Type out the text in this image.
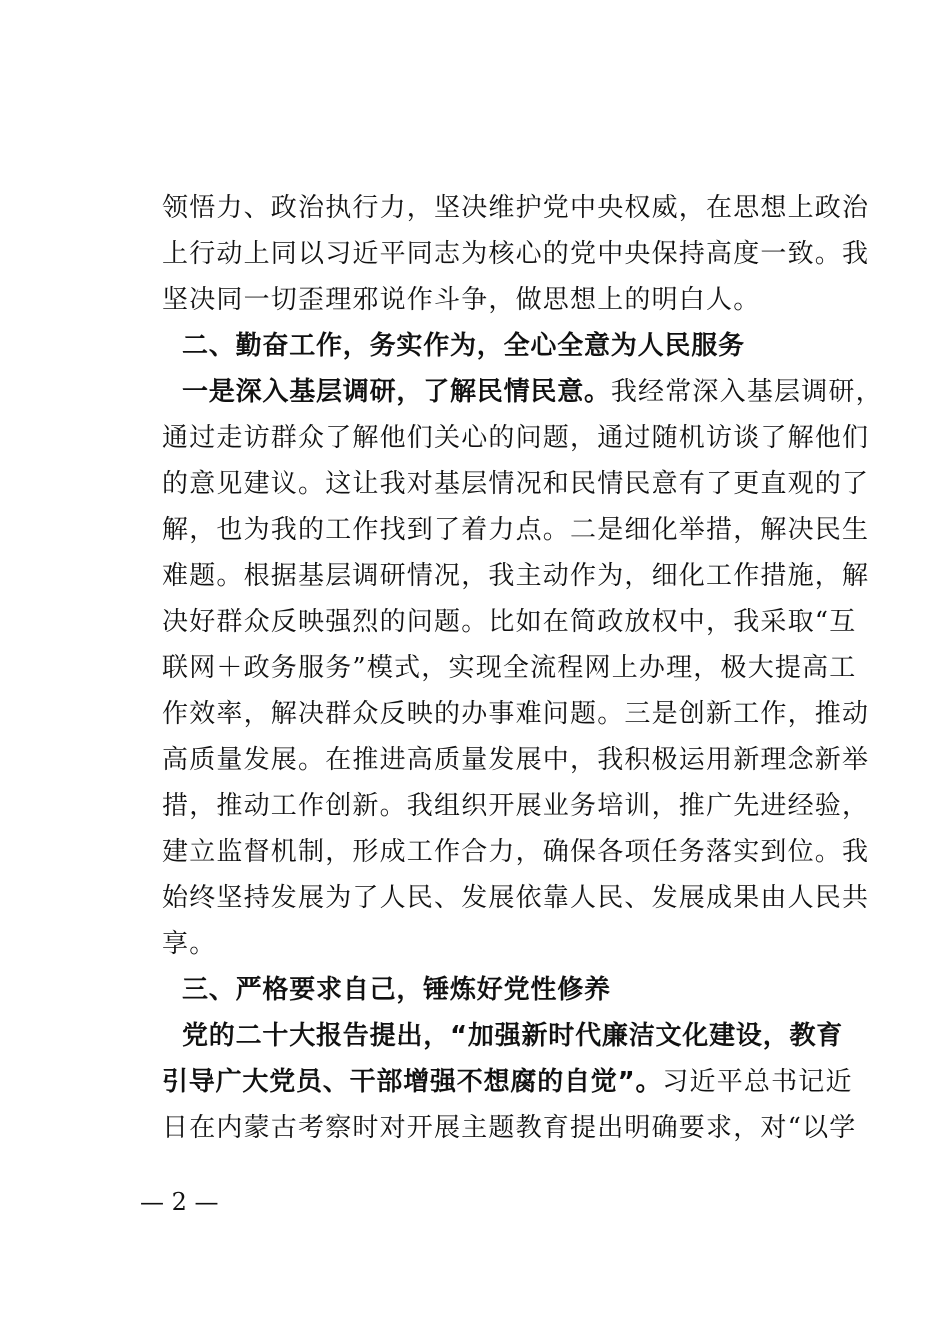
领悟力、政治执行力，坚决维护党中央权威，在思想上政治
上行动上同以习近平同志为核心的党中央保持高度一致。我
坚决同一切歪理邪说作斗争，做思想上的明白人。
二、勤奋工作，务实作为，全心全意为人民服务
一是深入基层调研，了解民情民意。我经常深入基层调研，
通过走访群众了解他们关心的问题，通过随机访谈了解他们
的意见建议。这让我对基层情况和民情民意有了更直观的了
解，也为我的工作找到了着力点。二是细化举措，解决民生
难题。根据基层调研情况，我主动作为，细化工作措施，解
决好群众反映强烈的问题。比如在简政放权中，我采取“互
联网＋政务服务”模式，实现全流程网上办理，极大提高工
作效率，解决群众反映的办事难问题。三是创新工作，推动
高质量发展。在推进高质量发展中，我积极运用新理念新举
措，推动工作创新。我组织开展业务培训，推广先进经验，
建立监督机制，形成工作合力，确保各项任务落实到位。我
始终坚持发展为了人民、发展依靠人民、发展成果由人民共
享。
三、严格要求自己，锤炼好党性修养
党的二十大报告提出，“加强新时代廉洁文化建设，教育
引导广大党员、干部增强不想腐的自觉”。习近平总书记近
日在内蒙古考察时对开展主题教育提出明确要求，对“以学
— 2 —
